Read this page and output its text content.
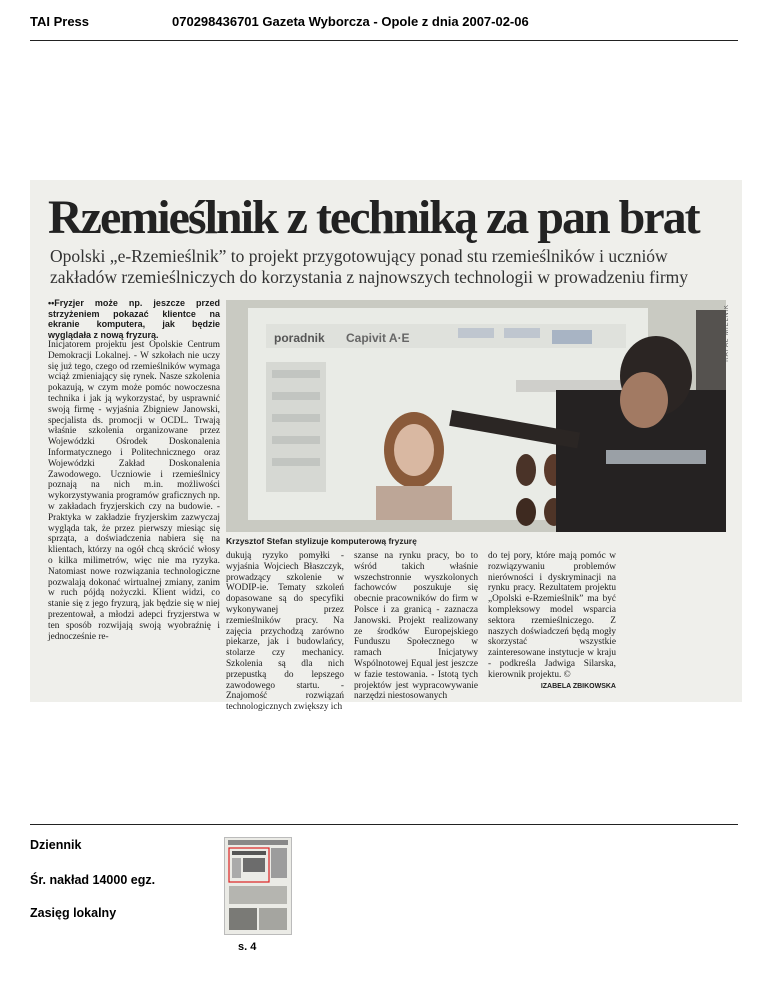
TAI Press	070298436701 Gazeta Wyborcza - Opole z dnia 2007-02-06
Rzemieślnik z techniką za pan brat
Opolski „e-Rzemieślnik” to projekt przygotowujący ponad stu rzemieślników i uczniów zakładów rzemieślniczych do korzystania z najnowszych technologii w prowadzeniu firmy

••Fryzjer może np. jeszcze przed strzyżeniem pokazać klientce na ekranie komputera, jak będzie wyglądała z nową fryzurą.

Inicjatorem projektu jest Opolskie Centrum Demokracji Lokalnej. - W szkołach nie uczy się już tego, czego od rzemieślników wymaga wciąż zmieniający się rynek. Nasze szkolenia pokazują, w czym może pomóc nowoczesna technika i jak ją wykorzystać, by usprawnić swoją firmę - wyjaśnia Zbigniew Janowski, specjalista ds. promocji w OCDL. Trwają właśnie szkolenia organizowane przez Wojewódzki Ośrodek Doskonalenia Informatycznego i Politechnicznego oraz Wojewódzki Zakład Doskonalenia Zawodowego. Uczniowie i rzemieślnicy poznają na nich m.in. możliwości wykorzystywania programów graficznych np. w zakładach fryzjerskich czy na budowie. - Praktyka w zakładzie fryzjerskim zazwyczaj wygląda tak, że przez pierwszy miesiąc się sprząta, a doświadczenia nabiera się na klientach, którzy na ogół chcą skrócić włosy o kilka milimetrów, więc nie ma ryzyka. Natomiast nowe rozwiązania technologiczne pozwalają dokonać wirtualnej zmiany, zanim w ruch pójdą nożyczki. Klient widzi, co stanie się z jego fryzurą, jak będzie się w niej prezentował, a młodzi adepci fryzjerstwa w ten sposób rozwijają swoją wyobraźnię i jednocześnie re-

poradnik Capivit A·E	RAFAŁ MIELNIK
Krzysztof Stefan stylizuje komputerową fryzurę

dukują ryzyko pomyłki - wyjaśnia Wojciech Błaszczyk, prowadzący szkolenie w WODIP-ie. Tematy szkoleń dopasowane są do specyfiki wykonywanej przez rzemieślników pracy. Na zajęcia przychodzą zarówno piekarze, jak i budowlańcy, stolarze czy mechanicy. Szkolenia są dla nich przepustką do lepszego zawodowego startu. - Znajomość rozwiązań technologicznych zwiększy ich

szanse na rynku pracy, bo to wśród takich właśnie wszechstronnie wyszkolonych fachowców poszukuje się obecnie pracowników do firm w Polsce i za granicą - zaznacza Janowski. Projekt realizowany ze środków Europejskiego Funduszu Społecznego w ramach Inicjatywy Wspólnotowej Equal jest jeszcze w fazie testowania. - Istotą tych projektów jest wypracowywanie narzędzi niestosowanych

do tej pory, które mają pomóc w rozwiązywaniu problemów nierówności i dyskryminacji na rynku pracy. Rezultatem projektu „Opolski e-Rzemieślnik” ma być kompleksowy model wsparcia sektora rzemieślniczego. Z naszych doświadczeń będą mogły skorzystać wszystkie zainteresowane instytucje w kraju - podkreśla Jadwiga Silarska, kierownik projektu. ©

IZABELA ZBIKOWSKA
Dziennik
Śr. nakład 14000 egz.
Zasięg lokalny
s. 4
